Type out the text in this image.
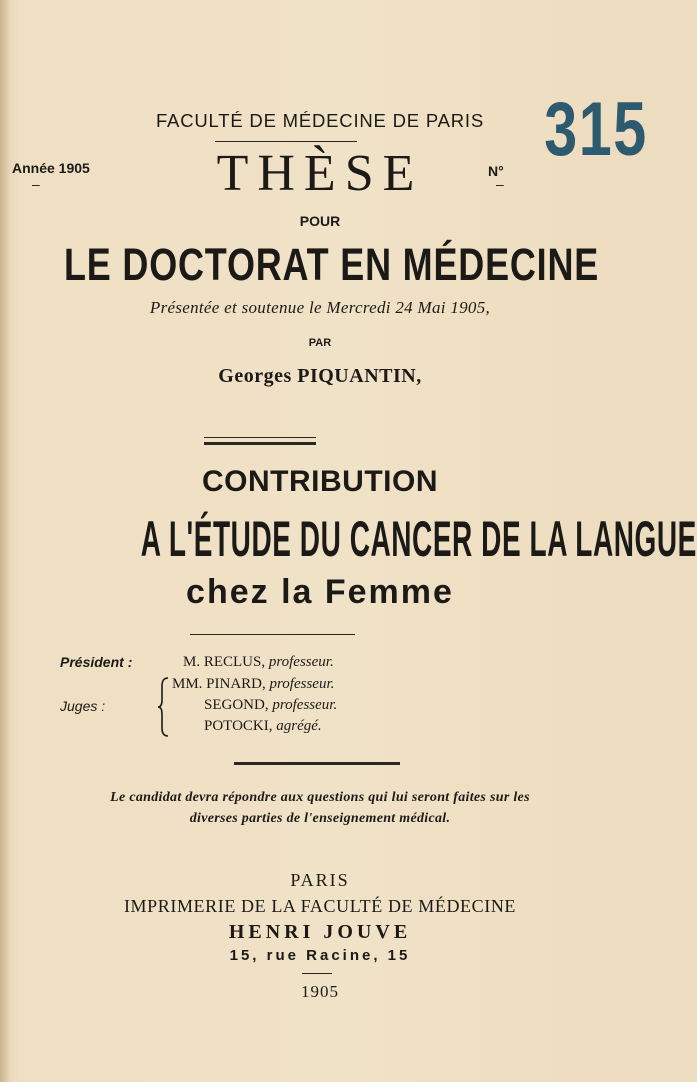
315
FACULTÉ DE MÉDECINE DE PARIS
Année 1905
–	THÈSE	N°
–
POUR
LE DOCTORAT EN MÉDECINE
Présentée et soutenue le Mercredi 24 Mai 1905,
PAR
Georges PIQUANTIN,
CONTRIBUTION
A L'ÉTUDE DU CANCER DE LA LANGUE
chez la Femme
Président :
Juges :
M. RECLUS, professeur.
MM. PINARD, professeur.
SEGOND, professeur.
POTOCKI, agrégé.
Le candidat devra répondre aux questions qui lui seront faites sur les
diverses parties de l'enseignement médical.
PARIS
IMPRIMERIE DE LA FACULTÉ DE MÉDECINE
HENRI JOUVE
15, rue Racine, 15
1905
